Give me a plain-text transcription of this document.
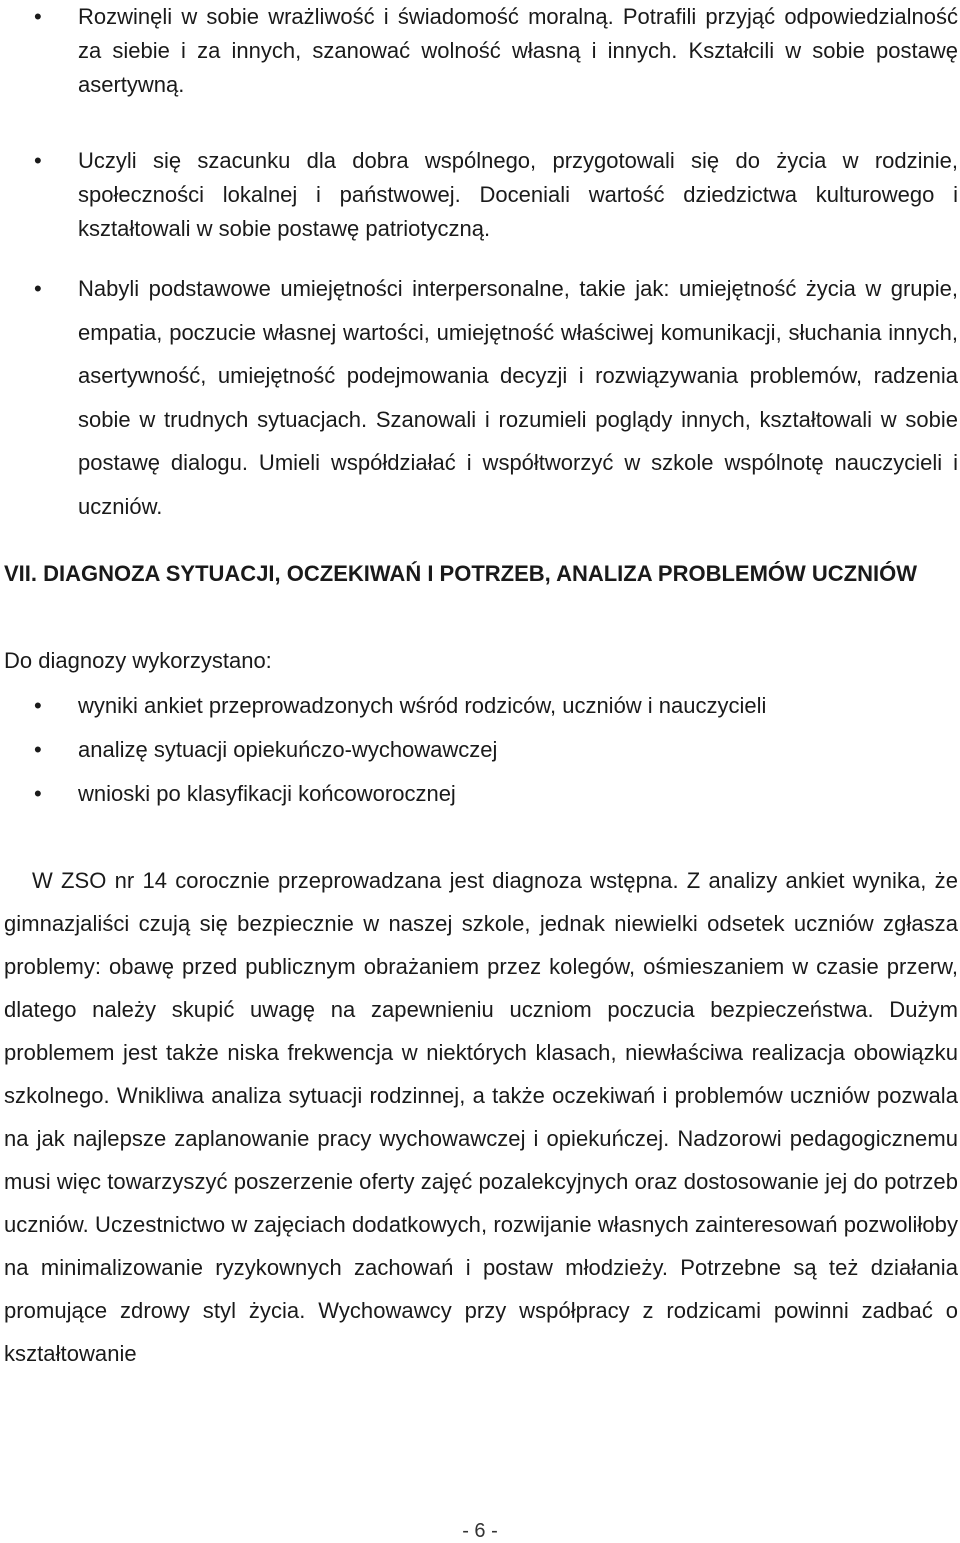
•	Rozwinęli w sobie wrażliwość i świadomość moralną. Potrafili przyjąć odpowiedzialność za siebie i za innych, szanować wolność własną i innych. Kształcili w sobie postawę asertywną.
•	Uczyli się szacunku dla dobra wspólnego, przygotowali się do życia w rodzinie, społeczności lokalnej i państwowej. Doceniali wartość dziedzictwa kulturowego i kształtowali w sobie postawę patriotyczną.
•	Nabyli podstawowe umiejętności interpersonalne, takie jak: umiejętność życia w grupie, empatia, poczucie własnej wartości, umiejętność właściwej komunikacji, słuchania innych, asertywność, umiejętność podejmowania decyzji i rozwiązywania problemów, radzenia sobie w trudnych sytuacjach. Szanowali i rozumieli poglądy innych, kształtowali w sobie postawę dialogu. Umieli współdziałać i współtworzyć w szkole wspólnotę nauczycieli i uczniów.
VII. DIAGNOZA SYTUACJI, OCZEKIWAŃ I POTRZEB, ANALIZA PROBLEMÓW UCZNIÓW

Do diagnozy wykorzystano:

•	wyniki ankiet przeprowadzonych wśród rodziców, uczniów i nauczycieli
•	analizę sytuacji opiekuńczo-wychowawczej
•	wnioski po klasyfikacji końcoworocznej

W ZSO nr 14 corocznie przeprowadzana jest diagnoza wstępna. Z analizy ankiet wynika, że gimnazjaliści czują się bezpiecznie w naszej szkole, jednak niewielki odsetek uczniów zgłasza problemy: obawę przed publicznym obrażaniem przez kolegów, ośmieszaniem w czasie przerw, dlatego należy skupić uwagę na zapewnieniu uczniom poczucia bezpieczeństwa. Dużym problemem jest także niska frekwencja w niektórych klasach, niewłaściwa realizacja obowiązku szkolnego. Wnikliwa analiza sytuacji rodzinnej, a także oczekiwań i problemów uczniów pozwala na jak najlepsze zaplanowanie pracy wychowawczej i opiekuńczej. Nadzorowi pedagogicznemu musi więc towarzyszyć poszerzenie oferty zajęć pozalekcyjnych oraz dostosowanie jej do potrzeb uczniów. Uczestnictwo w zajęciach dodatkowych, rozwijanie własnych zainteresowań pozwoliłoby na minimalizowanie ryzykownych zachowań i postaw młodzieży. Potrzebne są też działania promujące zdrowy styl życia. Wychowawcy przy współpracy z rodzicami powinni zadbać o kształtowanie

- 6 -
